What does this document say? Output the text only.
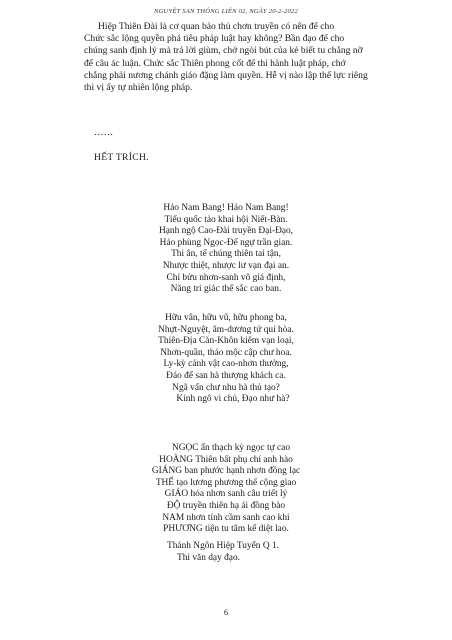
NGUYỆT SAN THÔNG LIÊN 02, NGÀY 20-2-2022
Hiệp Thiên Đài là cơ quan bảo thủ chơn truyền có nên để cho
Chức sắc lộng quyền phá tiêu pháp luật hay không? Bần đạo để cho
chúng sanh định lý mà trả lời giùm, chớ ngòi bút của kẻ biết tu chẳng nỡ
để câu ác luận. Chức sắc Thiên phong cốt để thi hành luật pháp, chớ
chẳng phải nương chánh giáo đặng làm quyền. Hễ vị nào lập thế lực riêng
thì vị ấy tự nhiên lộng pháp.
……
HẾT TRÍCH.
Hảo Nam Bang! Hảo Nam Bang!
Tiểu quốc tảo khai hội Niết-Bàn.
Hạnh ngộ Cao-Đài truyền Đại-Đạo,
Hảo phùng Ngọc-Đế ngự trần gian.
Thi ân, tế chúng thiên tai tận,
Nhược thiệt, nhược lư vạn đại an.
Chỉ bửu nhơn-sanh vô giá định,
Năng tri giác thế sắc cao ban.
Hữu vân, hữu vũ, hữu phong ba,
Nhựt-Nguyệt, âm-dương tứ quí hòa.
Thiên-Địa Càn-Khôn kiêm vạn loại,
Nhơn-quần, thảo mộc cập chư hoa.
Ly-kỳ cảnh vật cao-nhơn thưởng,
Đáo để san hà thượng khách ca.
Ngã vấn chư nhu hà thủ tạo?
Kính ngô vi chủ, Đạo như hà?
NGỌC ẩn thạch kỳ ngọc tự cao
HOÀNG Thiên bất phụ chí anh hào
GIÁNG ban phước hạnh nhơn đồng lạc
THẾ tạo lương phương thế cộng giao
GIÁO hóa nhơn sanh câu triết lý
ĐỘ truyền thiên hạ ái đồng bào
NAM nhơn tính cầm sanh cao khí
PHƯƠNG tiện tu tâm kể diệt lao.
Thánh Ngôn Hiệp Tuyển Q 1.
Thi văn dạy đạo.
6
